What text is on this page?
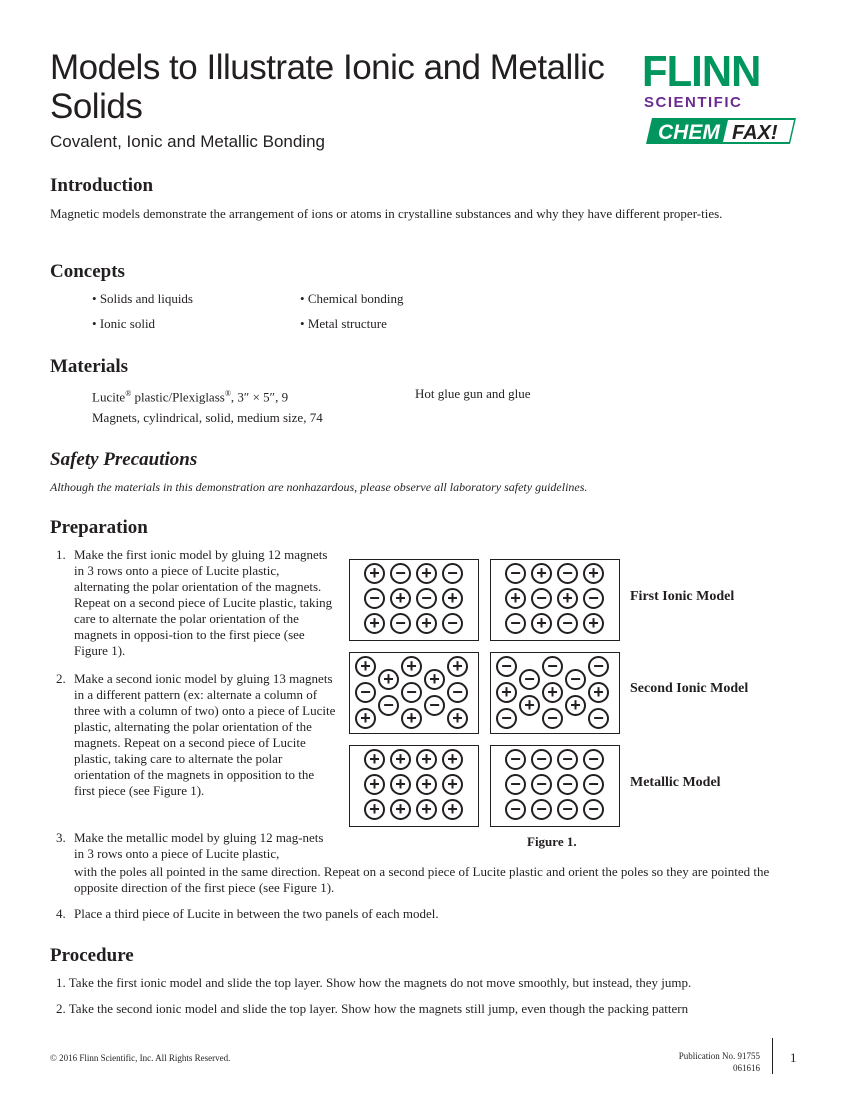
Models to Illustrate Ionic and Metallic Solids
Covalent, Ionic and Metallic Bonding
FLINN
SCIENTIFIC
CHEM FAX!
Introduction
Magnetic models demonstrate the arrangement of ions or atoms in crystalline substances and why they have different proper-ties.
Concepts
• Solids and liquids	• Chemical bonding
• Ionic solid	• Metal structure
Materials
Lucite® plastic/Plexiglass®, 3″ × 5″, 9	Hot glue gun and glue
Magnets, cylindrical, solid, medium size, 74
Safety Precautions
Although the materials in this demonstration are nonhazardous, please observe all laboratory safety guidelines.
Preparation
1. Make the first ionic model by gluing 12 magnets in 3 rows onto a piece of Lucite plastic, alternating the polar orientation of the magnets. Repeat on a second piece of Lucite plastic, taking care to alternate the polar orientation of the magnets in opposi-tion to the first piece (see Figure 1).
2. Make a second ionic model by gluing 13 magnets in a different pattern (ex: alternate a column of three with a column of two) onto a piece of Lucite plastic, alternating the polar orientation of the magnets. Repeat on a second piece of Lucite plastic, taking care to alternate the polar orientation of the magnets in opposition to the first piece (see Figure 1).
3. Make the metallic model by gluing 12 mag-nets in 3 rows onto a piece of Lucite plastic,
with the poles all pointed in the same direction. Repeat on a second piece of Lucite plastic and orient the poles so they are pointed the opposite direction of the first piece (see Figure 1).
4. Place a third piece of Lucite in between the two panels of each model.
+ − + −
− + − +
+ − + −
− + − +
+ − + −
− + − +
+
−
+
+
−
+
−
+
+
−
+
−
+
−
+
−
−
+
−
+
−
−
+
−
+
−
+ + + +
+ + + +
+ + + +
− − − −
− − − −
− − − −
First Ionic Model
Second Ionic Model
Metallic Model
Figure 1.
Procedure
1. Take the first ionic model and slide the top layer. Show how the magnets do not move smoothly, but instead, they jump.
2. Take the second ionic model and slide the top layer. Show how the magnets still jump, even though the packing pattern
© 2016 Flinn Scientific, Inc. All Rights Reserved.	Publication No. 91755
061616
1
